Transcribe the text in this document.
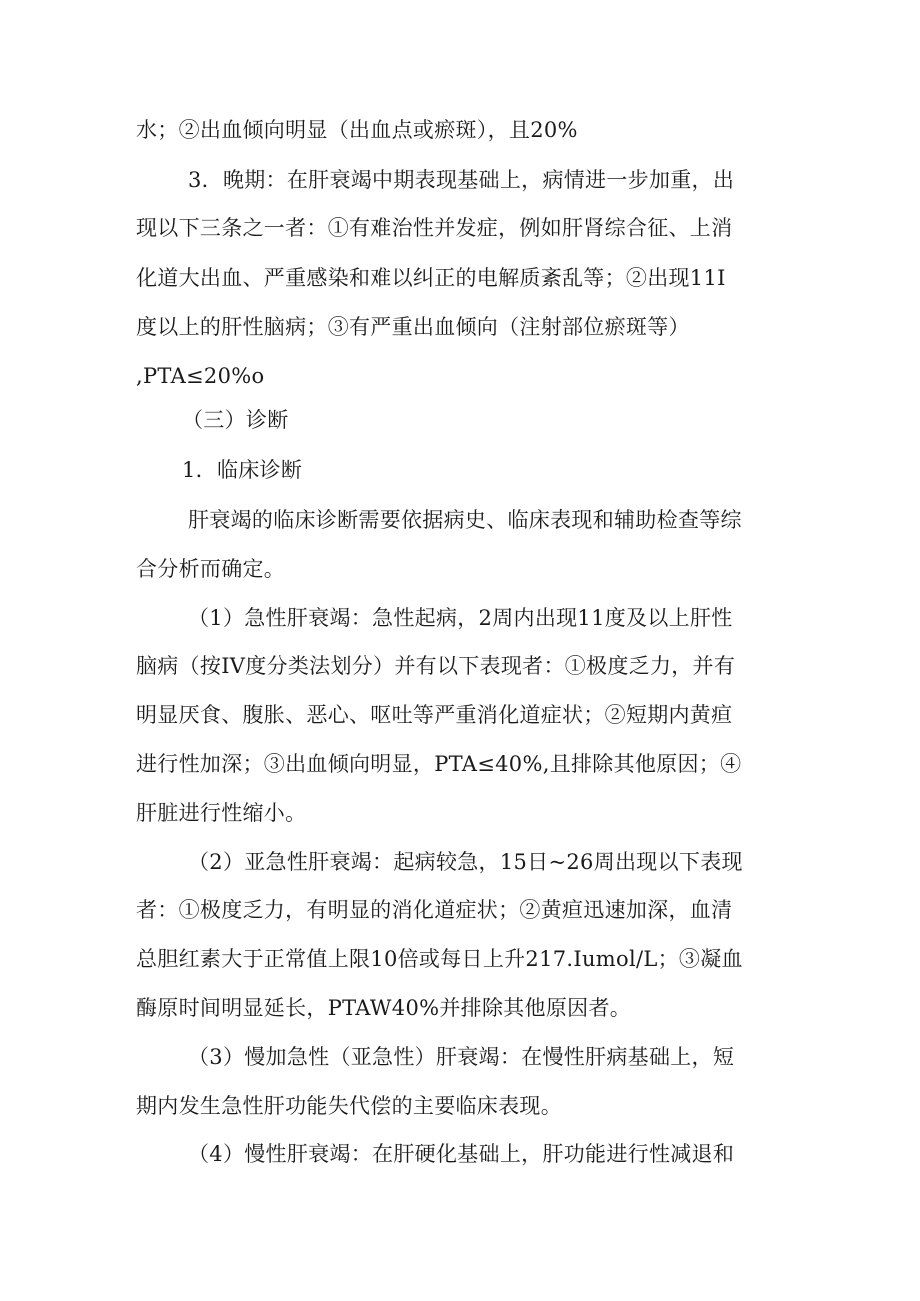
水；②出血倾向明显（出血点或瘀斑），且20%
3．晚期：在肝衰竭中期表现基础上，病情进一步加重，出
现以下三条之一者：①有难治性并发症，例如肝肾综合征、上消
化道大出血、严重感染和难以纠正的电解质紊乱等；②出现11I
度以上的肝性脑病；③有严重出血倾向（注射部位瘀斑等）
,PTA≤20%o
（三）诊断
1．临床诊断
肝衰竭的临床诊断需要依据病史、临床表现和辅助检查等综
合分析而确定。
（1）急性肝衰竭：急性起病，2周内出现11度及以上肝性
脑病（按IV度分类法划分）并有以下表现者：①极度乏力，并有
明显厌食、腹胀、恶心、呕吐等严重消化道症状；②短期内黄疸
进行性加深；③出血倾向明显，PTA≤40%,且排除其他原因；④
肝脏进行性缩小。
（2）亚急性肝衰竭：起病较急，15日~26周出现以下表现
者：①极度乏力，有明显的消化道症状；②黄疸迅速加深，血清
总胆红素大于正常值上限10倍或每日上升217.Iumol/L；③凝血
酶原时间明显延长，PTAW40%并排除其他原因者。
（3）慢加急性（亚急性）肝衰竭：在慢性肝病基础上，短
期内发生急性肝功能失代偿的主要临床表现。
（4）慢性肝衰竭：在肝硬化基础上，肝功能进行性减退和
